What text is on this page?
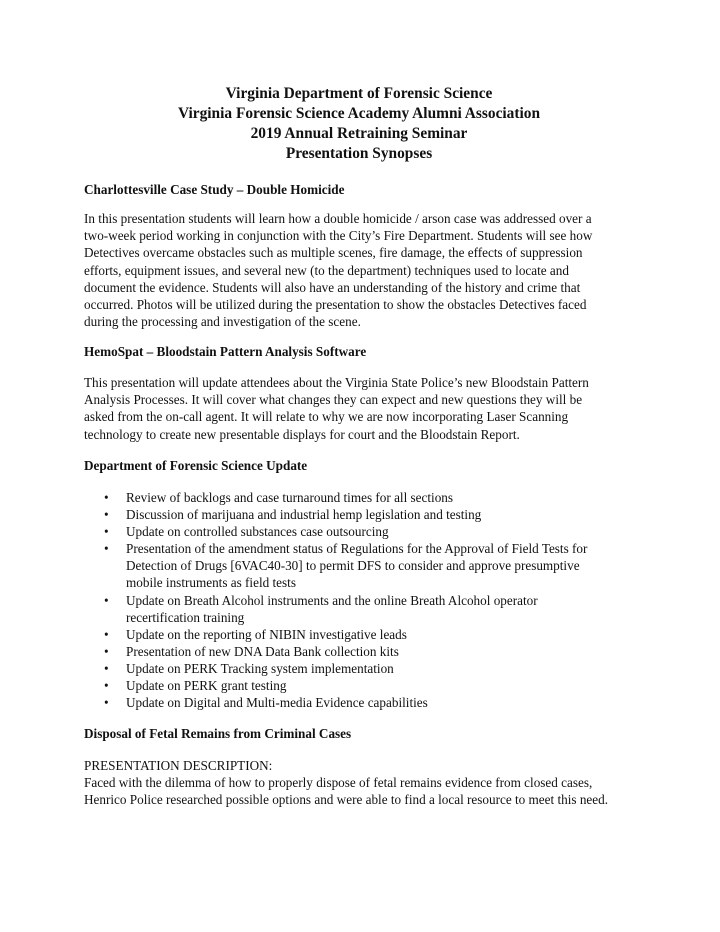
Virginia Department of Forensic Science
Virginia Forensic Science Academy Alumni Association
2019 Annual Retraining Seminar
Presentation Synopses
Charlottesville Case Study – Double Homicide
In this presentation students will learn how a double homicide / arson case was addressed over a
two-week period working in conjunction with the City’s Fire Department. Students will see how
Detectives overcame obstacles such as multiple scenes, fire damage, the effects of suppression
efforts, equipment issues, and several new (to the department) techniques used to locate and
document the evidence. Students will also have an understanding of the history and crime that
occurred. Photos will be utilized during the presentation to show the obstacles Detectives faced
during the processing and investigation of the scene.
HemoSpat – Bloodstain Pattern Analysis Software
This presentation will update attendees about the Virginia State Police’s new Bloodstain Pattern
Analysis Processes. It will cover what changes they can expect and new questions they will be
asked from the on-call agent. It will relate to why we are now incorporating Laser Scanning
technology to create new presentable displays for court and the Bloodstain Report.
Department of Forensic Science Update
• Review of backlogs and case turnaround times for all sections
• Discussion of marijuana and industrial hemp legislation and testing
• Update on controlled substances case outsourcing
• Presentation of the amendment status of Regulations for the Approval of Field Tests for
Detection of Drugs [6VAC40-30] to permit DFS to consider and approve presumptive
mobile instruments as field tests
• Update on Breath Alcohol instruments and the online Breath Alcohol operator
recertification training
• Update on the reporting of NIBIN investigative leads
• Presentation of new DNA Data Bank collection kits
• Update on PERK Tracking system implementation
• Update on PERK grant testing
• Update on Digital and Multi-media Evidence capabilities
Disposal of Fetal Remains from Criminal Cases
PRESENTATION DESCRIPTION:
Faced with the dilemma of how to properly dispose of fetal remains evidence from closed cases,
Henrico Police researched possible options and were able to find a local resource to meet this need.
